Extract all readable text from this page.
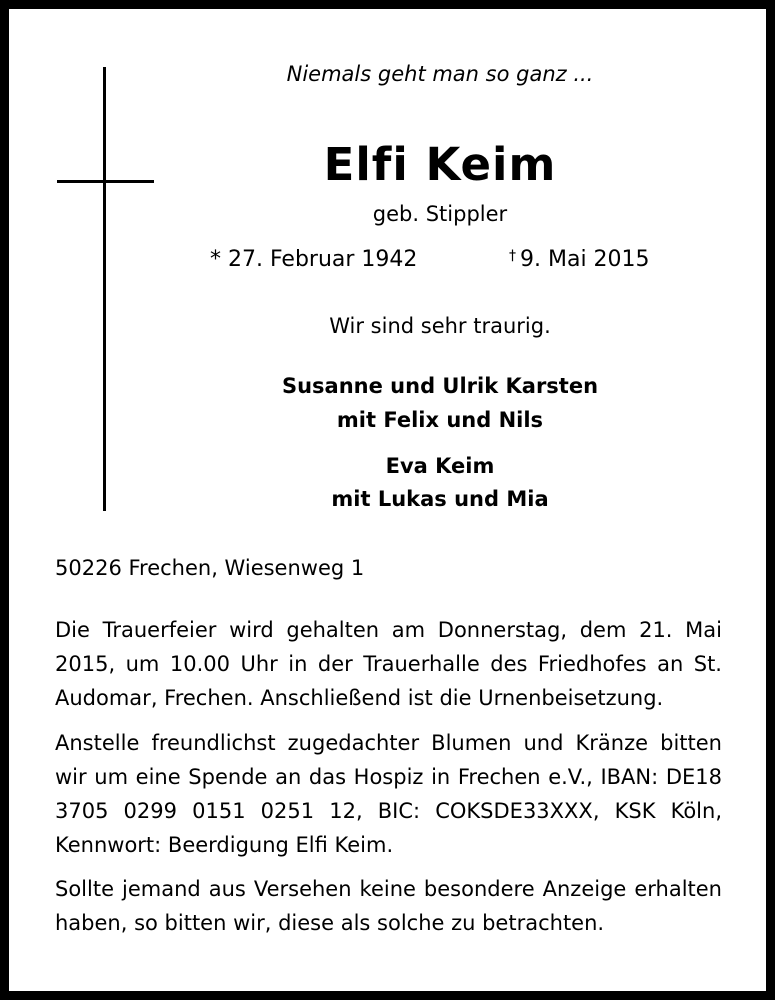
Niemals geht man so ganz ...
Elfi Keim
geb. Stippler
* 27. Februar 1942	† 9. Mai 2015
Wir sind sehr traurig.
Susanne und Ulrik Karsten
mit Felix und Nils
Eva Keim
mit Lukas und Mia
50226 Frechen, Wiesenweg 1
Die Trauerfeier wird gehalten am Donnerstag, dem 21. Mai 2015, um 10.00 Uhr in der Trauerhalle des Friedhofes an St. Audomar, Frechen. Anschließend ist die Urnenbeisetzung.
Anstelle freundlichst zugedachter Blumen und Kränze bitten wir um eine Spende an das Hospiz in Frechen e.V., IBAN: DE18 3705 0299 0151 0251 12, BIC: COKSDE33XXX, KSK Köln, Kennwort: Beerdigung Elfi Keim.
Sollte jemand aus Versehen keine besondere Anzeige erhalten haben, so bitten wir, diese als solche zu betrachten.
